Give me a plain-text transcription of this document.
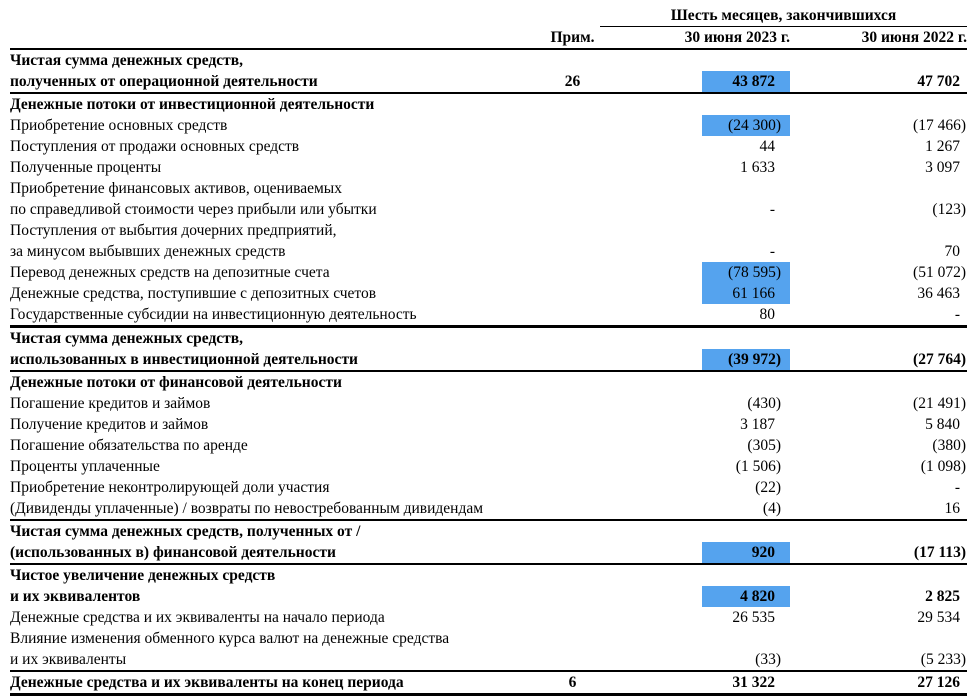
Шесть месяцев, закончившихся
Прим.	30 июня 2023 г.	30 июня 2022 г.
Чистая сумма денежных средств,
полученных от операционной деятельности	26	43 872	47 702
Денежные потоки от инвестиционной деятельности
Приобретение основных средств	(24 300)	(17 466)
Поступления от продажи основных средств	44	1 267
Полученные проценты	1 633	3 097
Приобретение финансовых активов, оцениваемых
по справедливой стоимости через прибыли или убытки	-	(123)
Поступления от выбытия дочерних предприятий,
за минусом выбывших денежных средств	-	70
Перевод денежных средств на депозитные счета	(78 595)	(51 072)
Денежные средства, поступившие с депозитных счетов	61 166	36 463
Государственные субсидии на инвестиционную деятельность	80	-
Чистая сумма денежных средств,
использованных в инвестиционной деятельности	(39 972)	(27 764)
Денежные потоки от финансовой деятельности
Погашение кредитов и займов	(430)	(21 491)
Получение кредитов и займов	3 187	5 840
Погашение обязательства по аренде	(305)	(380)
Проценты уплаченные	(1 506)	(1 098)
Приобретение неконтролирующей доли участия	(22)	-
(Дивиденды уплаченные) / возвраты по невостребованным дивидендам	(4)	16
Чистая сумма денежных средств, полученных от /
(использованных в) финансовой деятельности	920	(17 113)
Чистое увеличение денежных средств
и их эквивалентов	4 820	2 825
Денежные средства и их эквиваленты на начало периода	26 535	29 534
Влияние изменения обменного курса валют на денежные средства
и их эквиваленты	(33)	(5 233)
Денежные средства и их эквиваленты на конец периода	6	31 322	27 126
